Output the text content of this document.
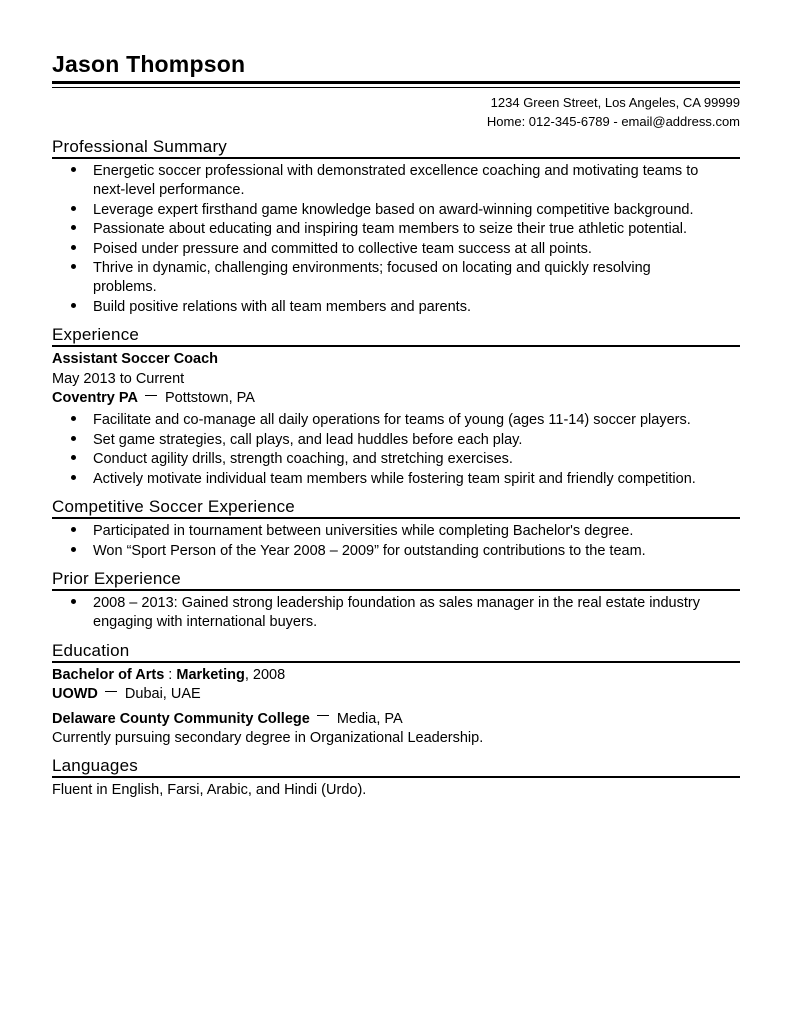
Jason Thompson
1234 Green Street, Los Angeles, CA 99999
Home: 012-345-6789 - email@address.com
Professional Summary
Energetic soccer professional with demonstrated excellence coaching and motivating teams to next-level performance.
Leverage expert firsthand game knowledge based on award-winning competitive background.
Passionate about educating and inspiring team members to seize their true athletic potential.
Poised under pressure and committed to collective team success at all points.
Thrive in dynamic, challenging environments; focused on locating and quickly resolving problems.
Build positive relations with all team members and parents.
Experience
Assistant Soccer Coach
May 2013 to Current
Coventry PA Pottstown, PA
Facilitate and co-manage all daily operations for teams of young (ages 11-14) soccer players.
Set game strategies, call plays, and lead huddles before each play.
Conduct agility drills, strength coaching, and stretching exercises.
Actively motivate individual team members while fostering team spirit and friendly competition.
Competitive Soccer Experience
Participated in tournament between universities while completing Bachelor's degree.
Won “Sport Person of the Year 2008 – 2009” for outstanding contributions to the team.
Prior Experience
2008 – 2013: Gained strong leadership foundation as sales manager in the real estate industry engaging with international buyers.
Education
Bachelor of Arts : Marketing, 2008
UOWD Dubai, UAE
Delaware County Community College Media, PA
Currently pursuing secondary degree in Organizational Leadership.
Languages
Fluent in English, Farsi, Arabic, and Hindi (Urdo).
